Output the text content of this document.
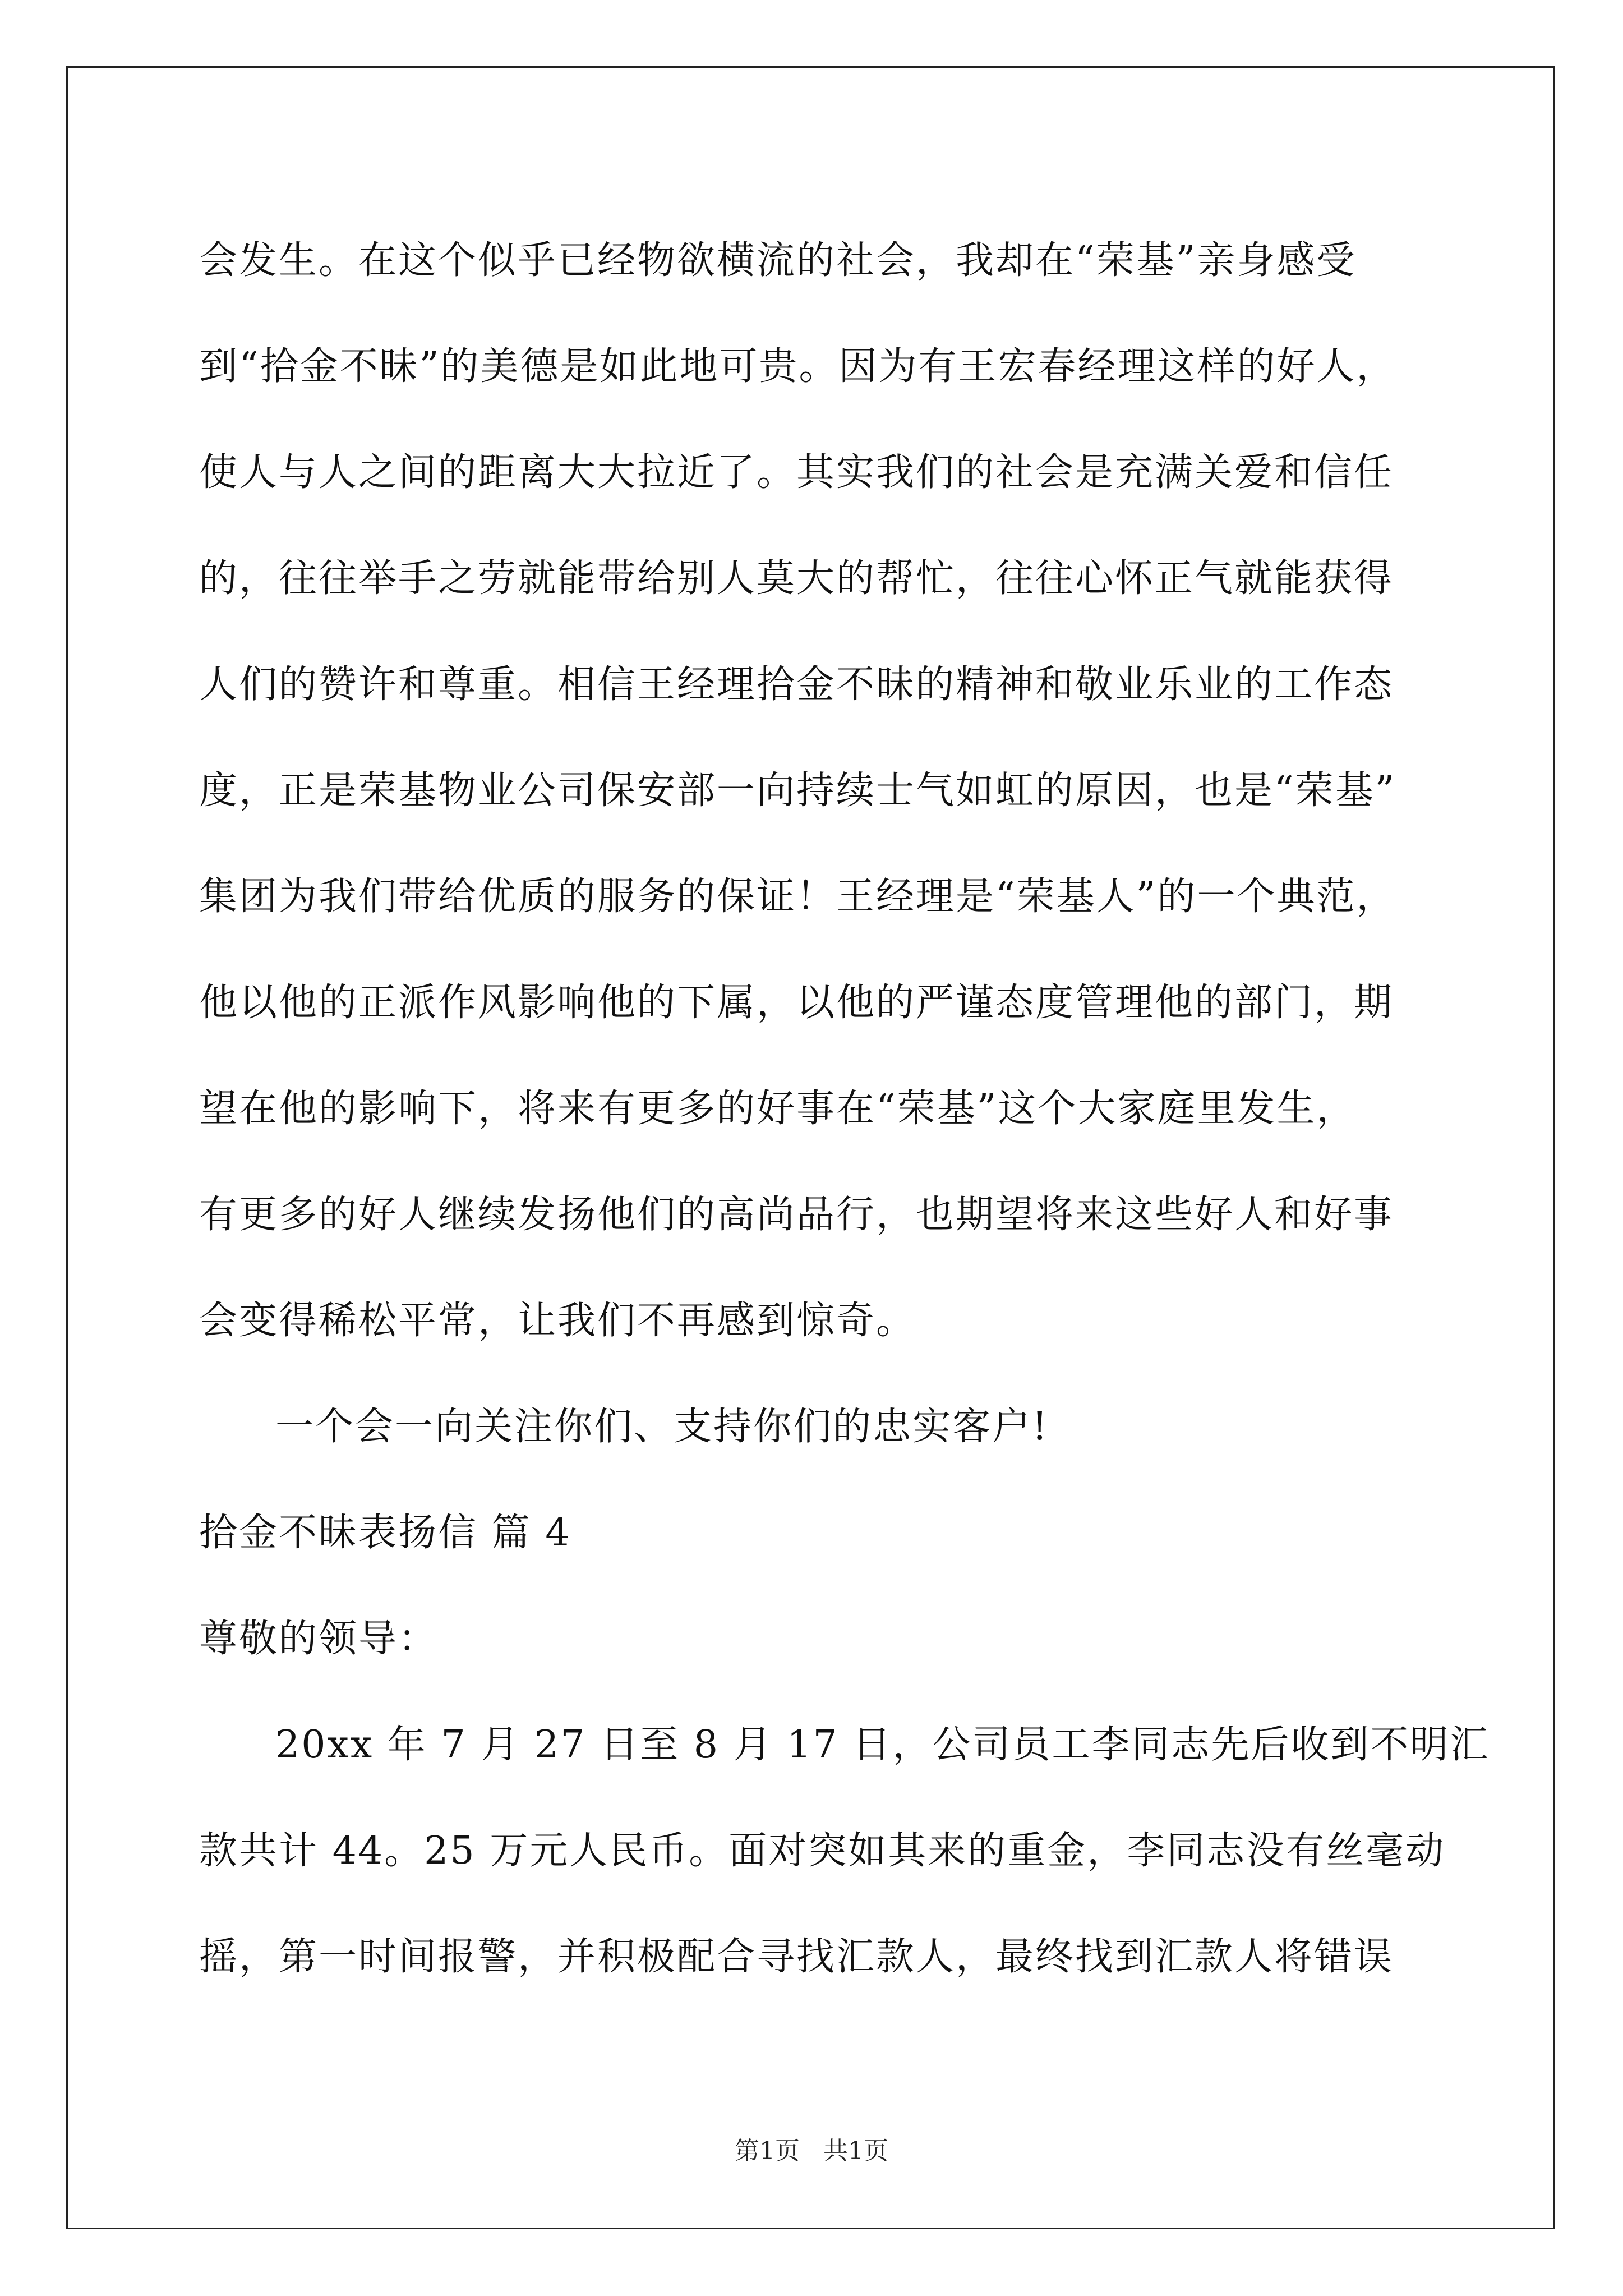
会发生。在这个似乎已经物欲横流的社会，我却在“荣基”亲身感受

到“拾金不昧”的美德是如此地可贵。因为有王宏春经理这样的好人，

使人与人之间的距离大大拉近了。其实我们的社会是充满关爱和信任

的，往往举手之劳就能带给别人莫大的帮忙，往往心怀正气就能获得

人们的赞许和尊重。相信王经理拾金不昧的精神和敬业乐业的工作态

度，正是荣基物业公司保安部一向持续士气如虹的原因，也是“荣基”

集团为我们带给优质的服务的保证！王经理是“荣基人”的一个典范，

他以他的正派作风影响他的下属，以他的严谨态度管理他的部门，期

望在他的影响下，将来有更多的好事在“荣基”这个大家庭里发生，

有更多的好人继续发扬他们的高尚品行，也期望将来这些好人和好事

会变得稀松平常，让我们不再感到惊奇。

一个会一向关注你们、支持你们的忠实客户!

拾金不昧表扬信 篇 4

尊敬的领导：

20xx 年 7 月 27 日至 8 月 17 日，公司员工李同志先后收到不明汇

款共计 44。25 万元人民币。面对突如其来的重金，李同志没有丝毫动

摇，第一时间报警，并积极配合寻找汇款人，最终找到汇款人将错误

第1页   共1页
